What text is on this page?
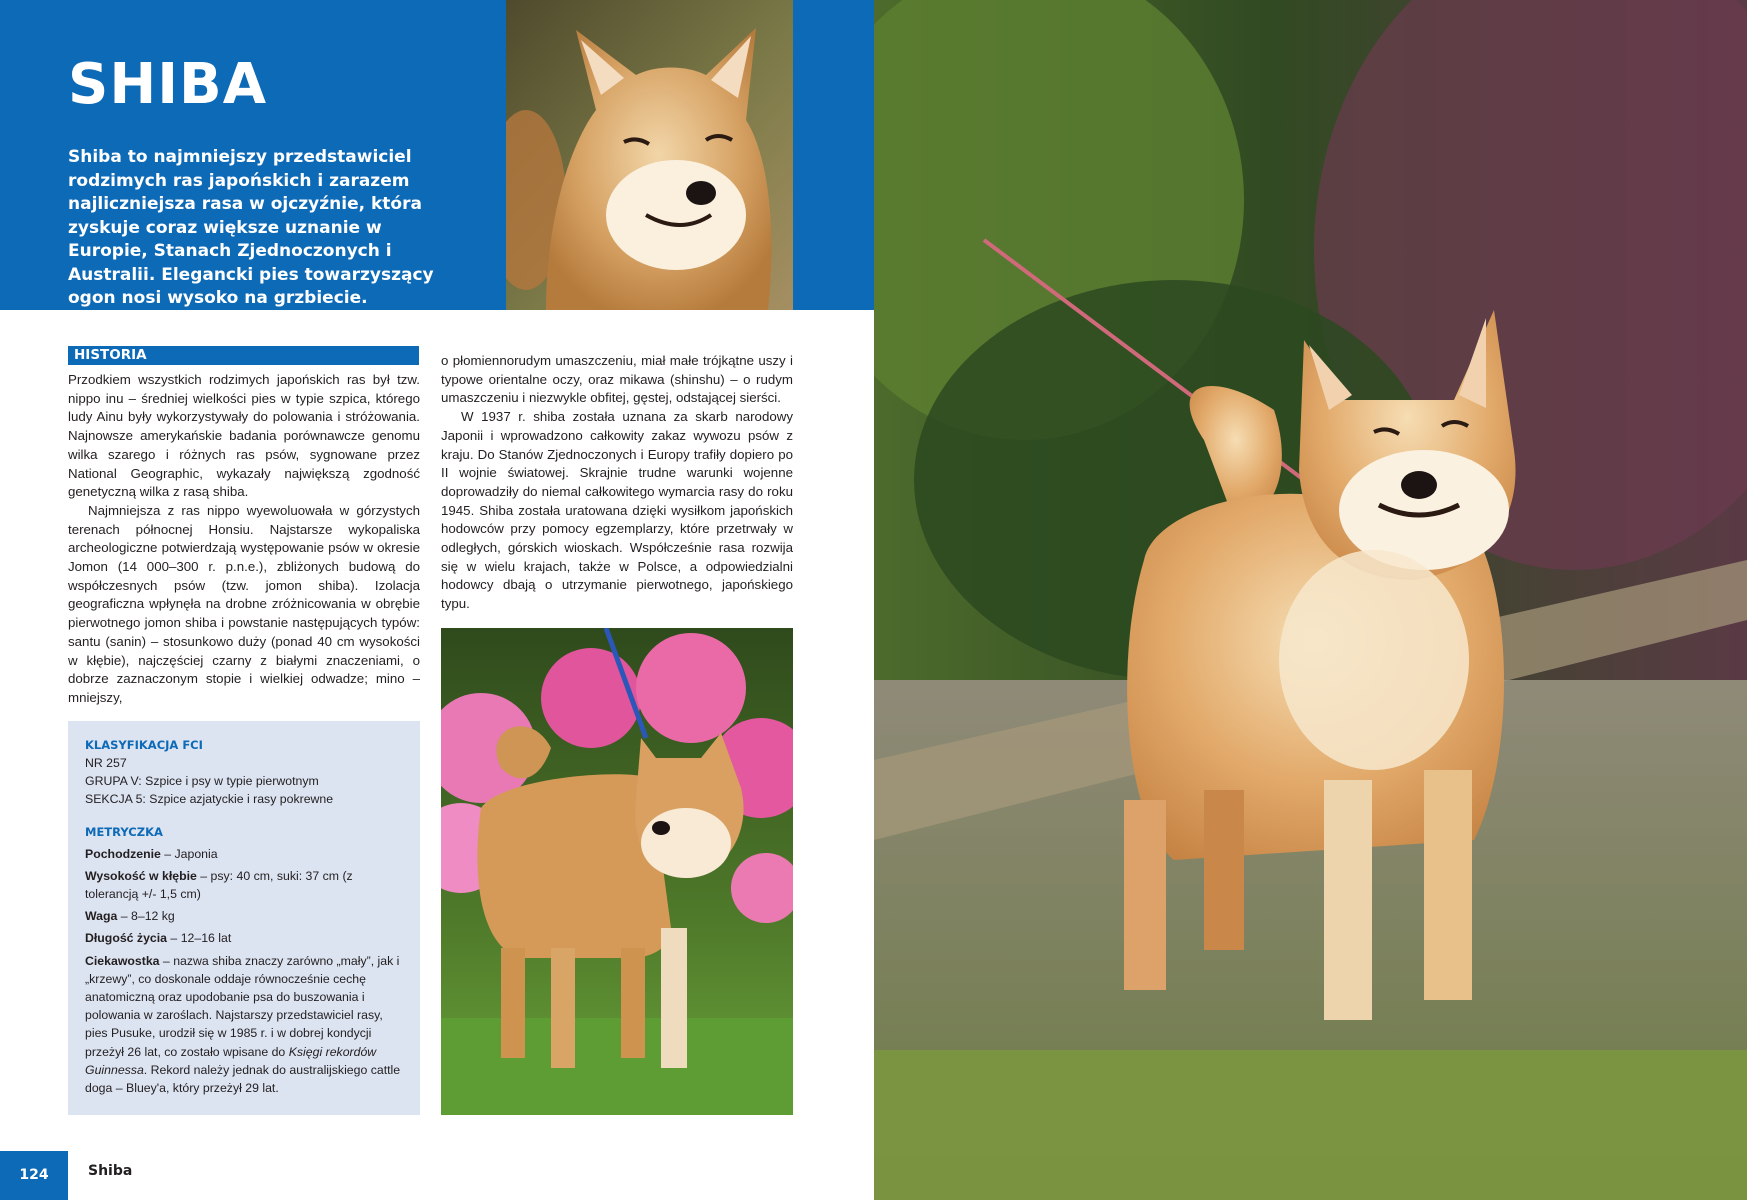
SHIBA

Shiba to najmniejszy przedstawiciel rodzimych ras japońskich i zarazem najliczniejsza rasa w ojczyźnie, która zyskuje coraz większe uznanie w Europie, Stanach Zjednoczonych i Australii. Elegancki pies towarzyszący ogon nosi wysoko na grzbiecie.

HISTORIA

Przodkiem wszystkich rodzimych japońskich ras był tzw. nippo inu – średniej wielkości pies w typie szpica, którego ludy Ainu były wykorzystywały do polowania i stróżowania. Najnowsze amerykańskie badania porównawcze genomu wilka szarego i różnych ras psów, sygnowane przez National Geographic, wykazały największą zgodność genetyczną wilka z rasą shiba.

Najmniejsza z ras nippo wyewoluowała w górzystych terenach północnej Honsiu. Najstarsze wykopaliska archeologiczne potwierdzają występowanie psów w okresie Jomon (14 000–300 r. p.n.e.), zbliżonych budową do współczesnych psów (tzw. jomon shiba). Izolacja geograficzna wpłynęła na drobne zróżnicowania w obrębie pierwotnego jomon shiba i powstanie następujących typów: santu (sanin) – stosunkowo duży (ponad 40 cm wysokości w kłębie), najczęściej czarny z białymi znaczeniami, o dobrze zaznaczonym stopie i wielkiej odwadze; mino – mniejszy,

o płomiennorudym umaszczeniu, miał małe trójkątne uszy i typowe orientalne oczy, oraz mikawa (shinshu) – o rudym umaszczeniu i niezwykle obfitej, gęstej, odstającej sierści.

W 1937 r. shiba została uznana za skarb narodowy Japonii i wprowadzono całkowity zakaz wywozu psów z kraju. Do Stanów Zjednoczonych i Europy trafiły dopiero po II wojnie światowej. Skrajnie trudne warunki wojenne doprowadziły do niemal całkowitego wymarcia rasy do roku 1945. Shiba została uratowana dzięki wysiłkom japońskich hodowców przy pomocy egzemplarzy, które przetrwały w odległych, górskich wioskach. Współcześnie rasa rozwija się w wielu krajach, także w Polsce, a odpowiedzialni hodowcy dbają o utrzymanie pierwotnego, japońskiego typu.

KLASYFIKACJA FCI
NR 257
GRUPA V: Szpice i psy w typie pierwotnym
SEKCJA 5: Szpice azjatyckie i rasy pokrewne
METRYCZKA
Pochodzenie – Japonia
Wysokość w kłębie – psy: 40 cm, suki: 37 cm (z tolerancją +/- 1,5 cm)
Waga – 8–12 kg
Długość życia – 12–16 lat
Ciekawostka – nazwa shiba znaczy zarówno „mały”, jak i „krzewy”, co doskonale oddaje równocześnie cechę anatomiczną oraz upodobanie psa do buszowania i polowania w zaroślach. Najstarszy przedstawiciel rasy, pies Pusuke, urodził się w 1985 r. i w dobrej kondycji przeżył 26 lat, co zostało wpisane do Księgi rekordów Guinnessa. Rekord należy jednak do australijskiego cattle doga – Bluey'a, który przeżył 29 lat.
124	Shiba
